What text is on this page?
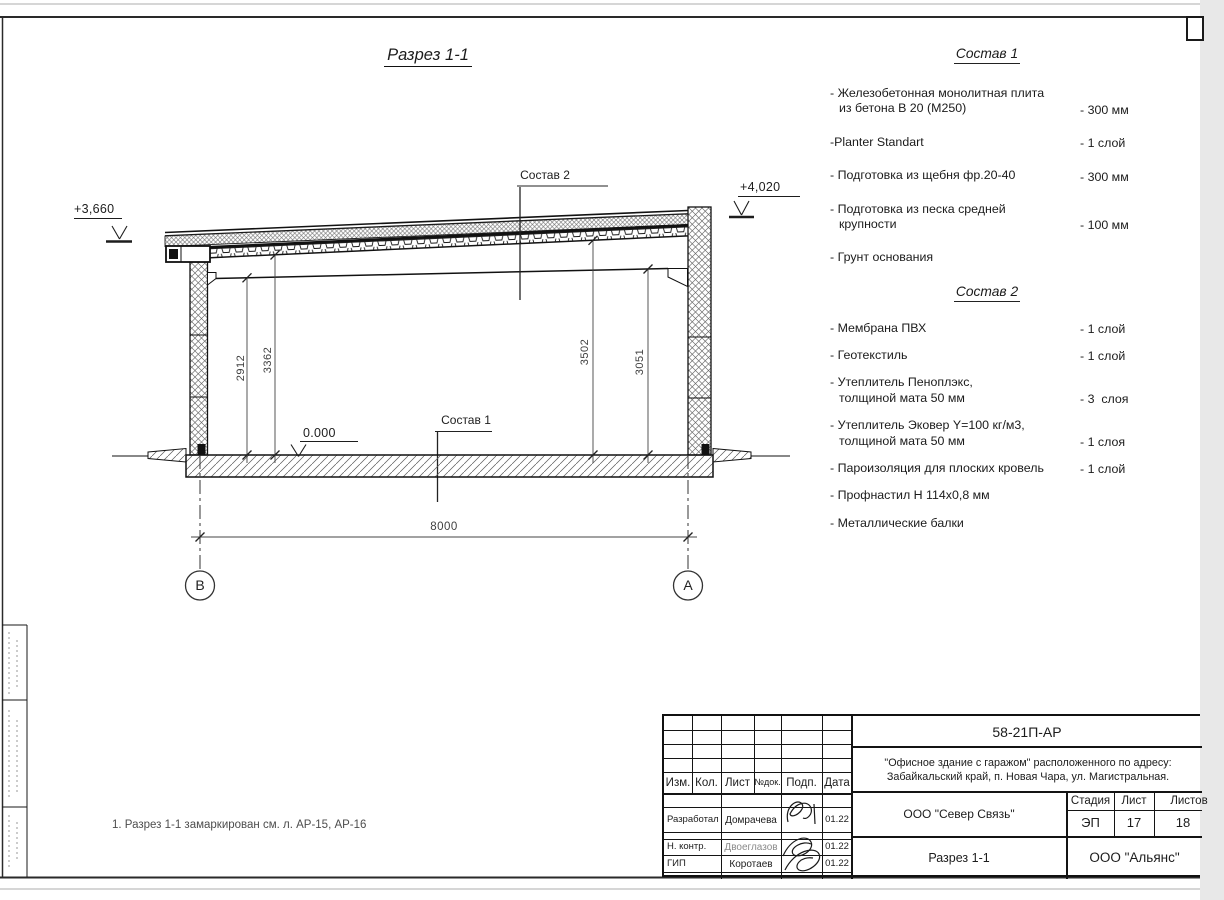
Разрез 1-1
+3,660
+4,020
0.000
Состав 2
Состав 1
2912 3362	3502	3051
8000
В	А
1. Разрез 1-1 замаркирован см. л. АР-15, АР-16
Состав 1
- Железобетонная монолитная плита
из бетона В 20 (М250)	- 300 мм
-Planter Standart	- 1 слой
- Подготовка из щебня фр.20-40	- 300 мм
- Подготовка из песка средней
крупности	- 100 мм
- Грунт основания
Состав 2
- Мембрана ПВХ	- 1 слой
- Геотекстиль	- 1 слой
- Утеплитель Пеноплэкс,
толщиной мата 50 мм	- 3  слоя
- Утеплитель Эковер Y=100 кг/м3,
толщиной мата 50 мм	- 1 слоя
- Пароизоляция для плоских кровель	- 1 слой
- Профнастил Н 114х0,8 мм
- Металлические балки
Изм. Кол. Лист №док. Подп. Дата
Разработал Домрачева	01.22
Н. контр.	Двоеглазов	01.22
ГИП	Коротаев	01.22
58-21П-АР
"Офисное здание с гаражом" расположенного по адресу:
Забайкальский край, п. Новая Чара, ул. Магистральная.
ООО "Север Связь"
Стадия Лист	Листов
ЭП	17	18
Разрез 1-1	ООО "Альянс"
